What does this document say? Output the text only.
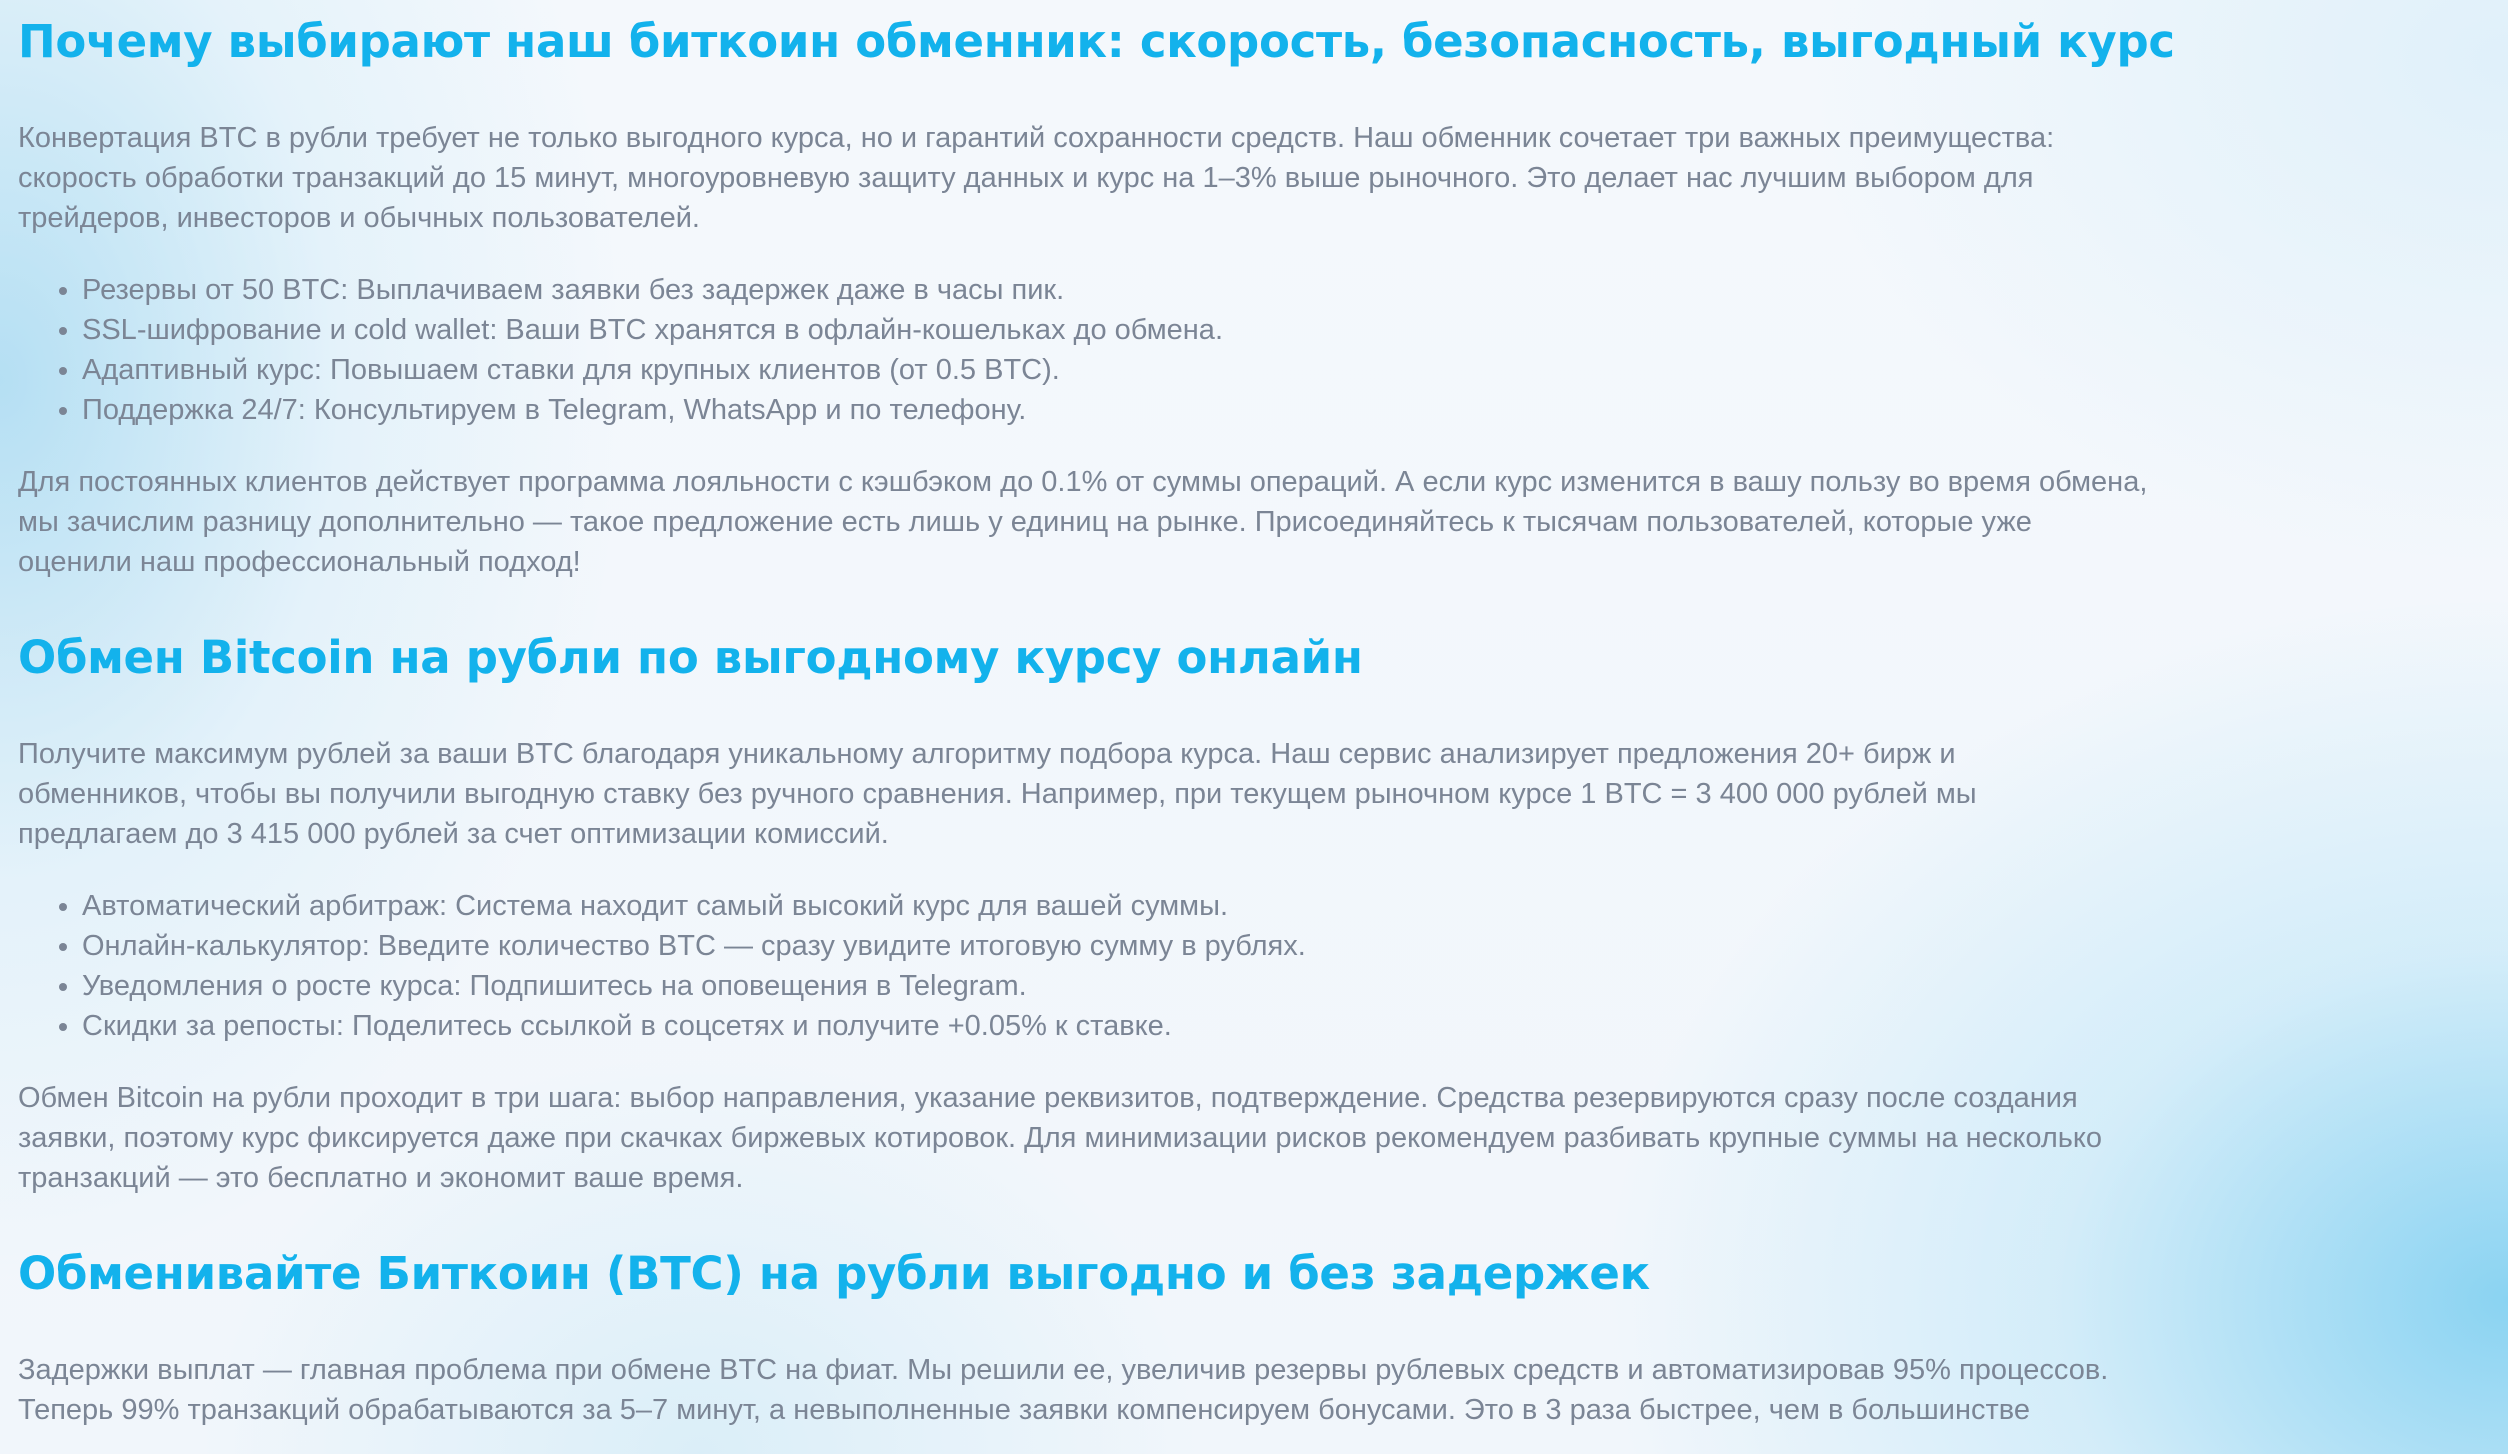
Почему выбирают наш биткоин обменник: скорость, безопасность, выгодный курс

Конвертация BTC в рубли требует не только выгодного курса, но и гарантий сохранности средств. Наш обменник сочетает три важных преимущества:
скорость обработки транзакций до 15 минут, многоуровневую защиту данных и курс на 1–3% выше рыночного. Это делает нас лучшим выбором для
трейдеров, инвесторов и обычных пользователей.

• Резервы от 50 BTC: Выплачиваем заявки без задержек даже в часы пик.
• SSL-шифрование и cold wallet: Ваши BTC хранятся в офлайн-кошельках до обмена.
• Адаптивный курс: Повышаем ставки для крупных клиентов (от 0.5 BTC).
• Поддержка 24/7: Консультируем в Telegram, WhatsApp и по телефону.

Для постоянных клиентов действует программа лояльности с кэшбэком до 0.1% от суммы операций. А если курс изменится в вашу пользу во время обмена,
мы зачислим разницу дополнительно — такое предложение есть лишь у единиц на рынке. Присоединяйтесь к тысячам пользователей, которые уже
оценили наш профессиональный подход!

Обмен Bitcoin на рубли по выгодному курсу онлайн

Получите максимум рублей за ваши BTC благодаря уникальному алгоритму подбора курса. Наш сервис анализирует предложения 20+ бирж и
обменников, чтобы вы получили выгодную ставку без ручного сравнения. Например, при текущем рыночном курсе 1 BTC = 3 400 000 рублей мы
предлагаем до 3 415 000 рублей за счет оптимизации комиссий.

• Автоматический арбитраж: Система находит самый высокий курс для вашей суммы.
• Онлайн-калькулятор: Введите количество BTC — сразу увидите итоговую сумму в рублях.
• Уведомления о росте курса: Подпишитесь на оповещения в Telegram.
• Скидки за репосты: Поделитесь ссылкой в соцсетях и получите +0.05% к ставке.

Обмен Bitcoin на рубли проходит в три шага: выбор направления, указание реквизитов, подтверждение. Средства резервируются сразу после создания
заявки, поэтому курс фиксируется даже при скачках биржевых котировок. Для минимизации рисков рекомендуем разбивать крупные суммы на несколько
транзакций — это бесплатно и экономит ваше время.

Обменивайте Биткоин (BTC) на рубли выгодно и без задержек

Задержки выплат — главная проблема при обмене BTC на фиат. Мы решили ее, увеличив резервы рублевых средств и автоматизировав 95% процессов.
Теперь 99% транзакций обрабатываются за 5–7 минут, а невыполненные заявки компенсируем бонусами. Это в 3 раза быстрее, чем в большинстве
